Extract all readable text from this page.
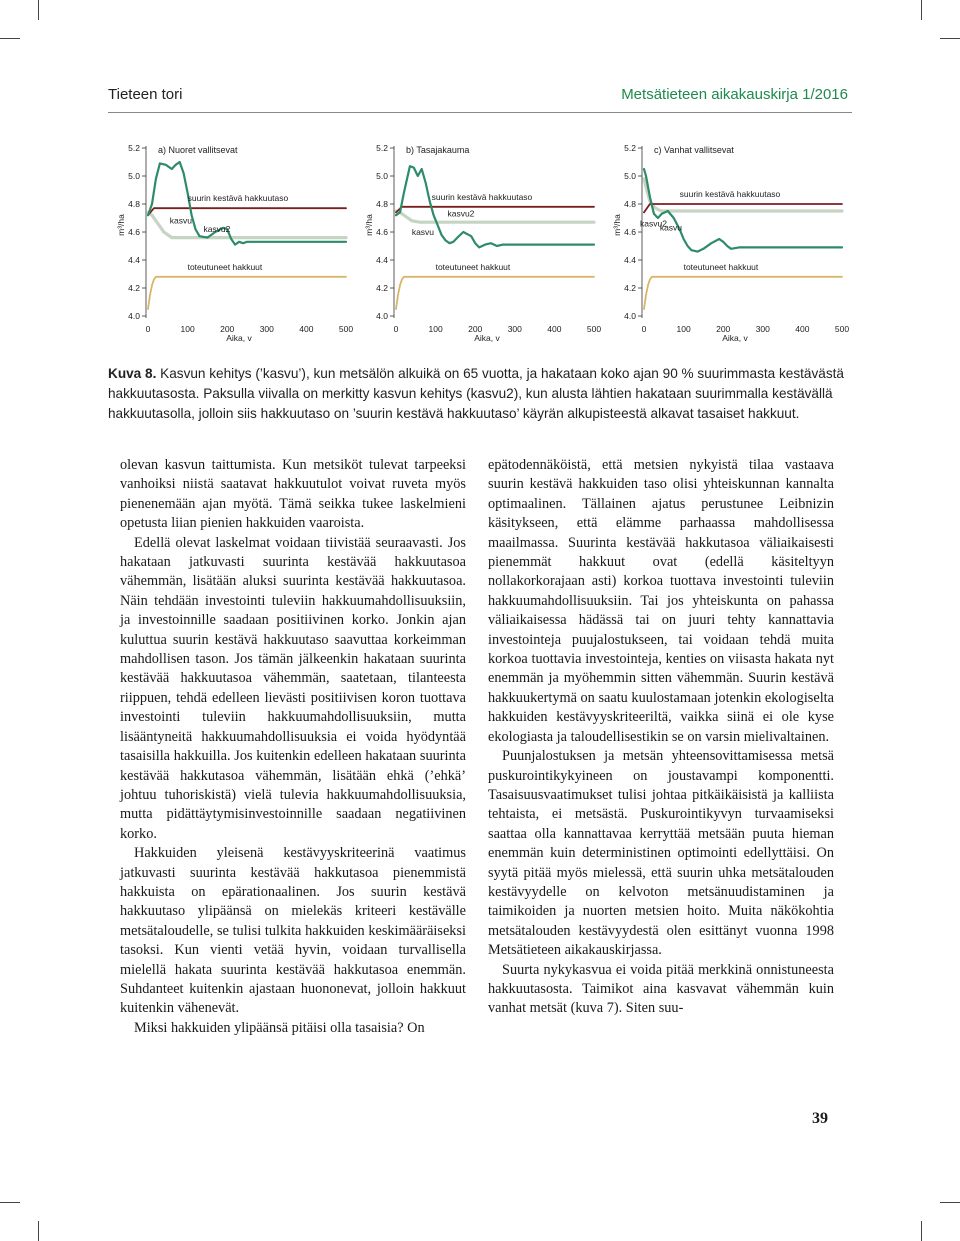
Tieteen tori	Metsätieteen aikakauskirja 1/2016
4.0
4.2
4.4
4.6
4.8
5.0
5.2
0	100	200	300	400	500
Aika, v
m³/ha
a) Nuoret vallitsevat
kasvu
kasvu2
suurin kestävä hakkuutaso
toteutuneet hakkuut
4.0
4.2
4.4
4.6
4.8
5.0
5.2
0	100	200	300	400	500
Aika, v
m³/ha
b) Tasajakauma
kasvu
kasvu2
suurin kestävä hakkuutaso
toteutuneet hakkuut
4.0
4.2
4.4
4.6
4.8
5.0
5.2
0	100	200	300	400	500
Aika, v
m³/ha
c) Vanhat vallitsevat
kasvu
kasvu2
suurin kestävä hakkuutaso
toteutuneet hakkuut
Kuva 8. Kasvun kehitys (’kasvu’), kun metsälön alkuikä on 65 vuotta, ja hakataan koko ajan 90 % suurimmasta kestävästä hakkuutasosta. Paksulla viivalla on merkitty kasvun kehitys (kasvu2), kun alusta lähtien hakataan suurimmalla kestävällä hakkuutasolla, jolloin siis hakkuutaso on ’suurin kestävä hakkuutaso’ käyrän alkupisteestä alkavat tasaiset hakkuut.

olevan kasvun taittumista. Kun metsiköt tulevat tarpeeksi vanhoiksi niistä saatavat hakkuutulot voivat ruveta myös pienenemään ajan myötä. Tämä seikka tukee laskelmieni opetusta liian pienien hakkuiden vaaroista.

Edellä olevat laskelmat voidaan tiivistää seuraavasti. Jos hakataan jatkuvasti suurinta kestävää hakkuutasoa vähemmän, lisätään aluksi suurinta kestävää hakkuutasoa. Näin tehdään investointi tuleviin hakkuumahdollisuuksiin, ja investoinnille saadaan positiivinen korko. Jonkin ajan kuluttua suurin kestävä hakkuutaso saavuttaa korkeimman mahdollisen tason. Jos tämän jälkeenkin hakataan suurinta kestävää hakkuutasoa vähemmän, saatetaan, tilanteesta riippuen, tehdä edelleen lievästi positiivisen koron tuottava investointi tuleviin hakkuumahdollisuuksiin, mutta lisääntyneitä hakkuumahdollisuuksia ei voida hyödyntää tasaisilla hakkuilla. Jos kuitenkin edelleen hakataan suurinta kestävää hakkutasoa vähemmän, lisätään ehkä (’ehkä’ johtuu tuhoriskistä) vielä tulevia hakkuumahdollisuuksia, mutta pidättäytymisinvestoinnille saadaan negatiivinen korko.

Hakkuiden yleisenä kestävyyskriteerinä vaatimus jatkuvasti suurinta kestävää hakkutasoa pienemmistä hakkuista on epärationaalinen. Jos suurin kestävä hakkuutaso ylipäänsä on mielekäs kriteeri kestävälle metsätaloudelle, se tulisi tulkita hakkuiden keskimääräiseksi tasoksi. Kun vienti vetää hyvin, voidaan turvallisella mielellä hakata suurinta kestävää hakkutasoa enemmän. Suhdanteet kuitenkin ajastaan huononevat, jolloin hakkuut kuitenkin vähenevät.

Miksi hakkuiden ylipäänsä pitäisi olla tasaisia? On

epätodennäköistä, että metsien nykyistä tilaa vastaava suurin kestävä hakkuiden taso olisi yhteiskunnan kannalta optimaalinen. Tällainen ajatus perustunee Leibnizin käsitykseen, että elämme parhaassa mahdollisessa maailmassa. Suurinta kestävää hakkutasoa väliaikaisesti pienemmät hakkuut ovat (edellä käsiteltyyn nollakorkorajaan asti) korkoa tuottava investointi tuleviin hakkuumahdollisuuksiin. Tai jos yhteiskunta on pahassa väliaikaisessa hädässä tai on juuri tehty kannattavia investointeja puujalostukseen, tai voidaan tehdä muita korkoa tuottavia investointeja, kenties on viisasta hakata nyt enemmän ja myöhemmin sitten vähemmän. Suurin kestävä hakkuukertymä on saatu kuulostamaan jotenkin ekologiselta hakkuiden kestävyyskriteeriltä, vaikka siinä ei ole kyse ekologiasta ja taloudellisestikin se on varsin mielivaltainen.

Puunjalostuksen ja metsän yhteensovittamisessa metsä puskurointikykyineen on joustavampi komponentti. Tasaisuusvaatimukset tulisi johtaa pitkäikäisistä ja kalliista tehtaista, ei metsästä. Puskurointikyvyn turvaamiseksi saattaa olla kannattavaa kerryttää metsään puuta hieman enemmän kuin deterministinen optimointi edellyttäisi. On syytä pitää myös mielessä, että suurin uhka metsätalouden kestävyydelle on kelvoton metsänuudistaminen ja taimikoiden ja nuorten metsien hoito. Muita näkökohtia metsätalouden kestävyydestä olen esittänyt vuonna 1998 Metsätieteen aikakauskirjassa.

Suurta nykykasvua ei voida pitää merkkinä onnistuneesta hakkuutasosta. Taimikot aina kasvavat vähemmän kuin vanhat metsät (kuva 7). Siten suu-

39
